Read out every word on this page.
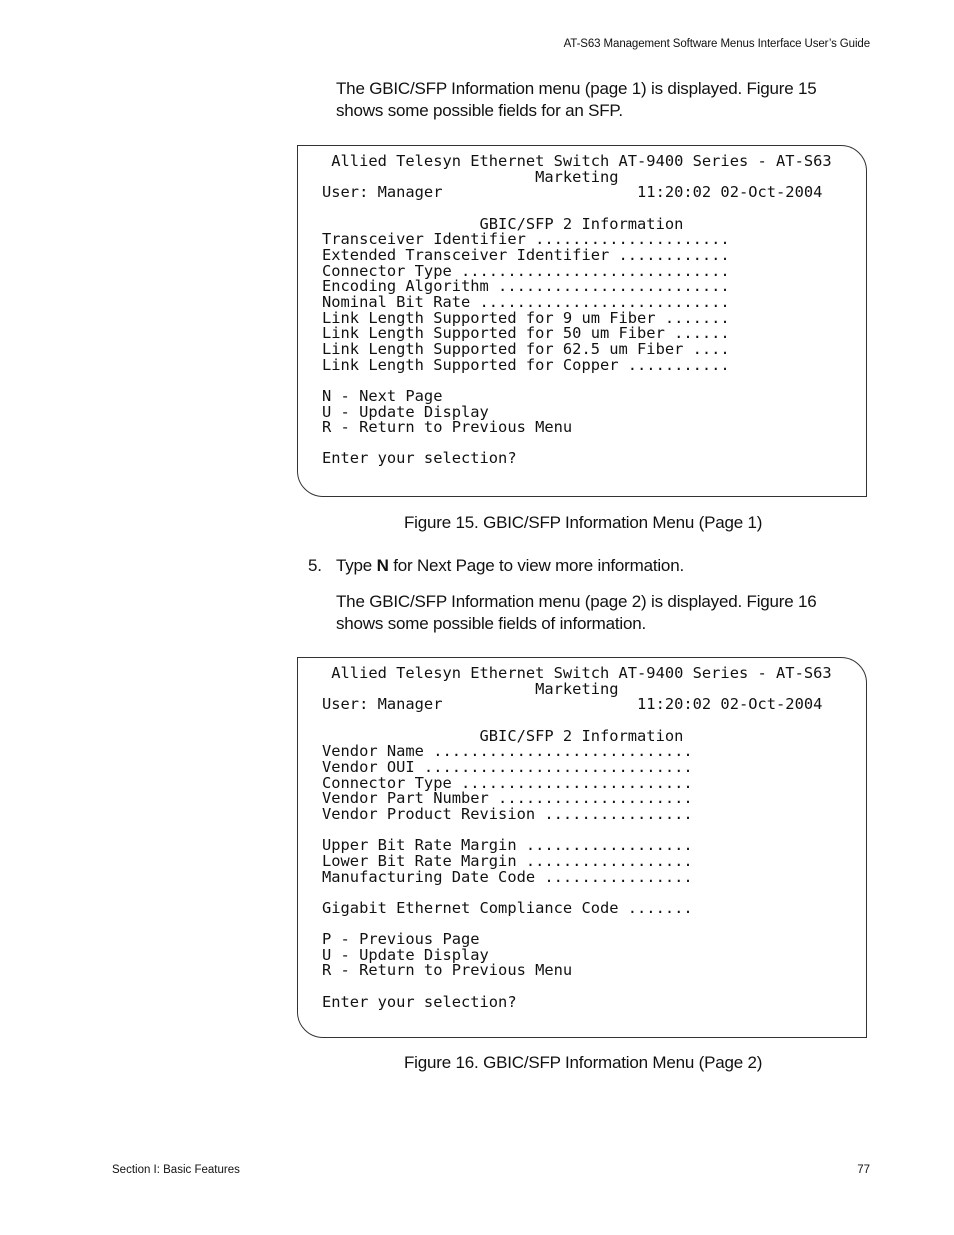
AT-S63 Management Software Menus Interface User’s Guide
The GBIC/SFP Information menu (page 1) is displayed. Figure 15 shows some possible fields for an SFP.
Allied Telesyn Ethernet Switch AT-9400 Series - AT-S63
Marketing
User: Manager                     11:20:02 02-Oct-2004

GBIC/SFP 2 Information
Transceiver Identifier .....................
Extended Transceiver Identifier ............
Connector Type .............................
Encoding Algorithm .........................
Nominal Bit Rate ...........................
Link Length Supported for 9 um Fiber .......
Link Length Supported for 50 um Fiber ......
Link Length Supported for 62.5 um Fiber ....
Link Length Supported for Copper ...........

N - Next Page
U - Update Display
R - Return to Previous Menu

Enter your selection?
Figure 15. GBIC/SFP Information Menu (Page 1)
5. Type N for Next Page to view more information.
The GBIC/SFP Information menu (page 2) is displayed. Figure 16 shows some possible fields of information.
Allied Telesyn Ethernet Switch AT-9400 Series - AT-S63
Marketing
User: Manager                     11:20:02 02-Oct-2004

GBIC/SFP 2 Information
Vendor Name ............................
Vendor OUI .............................
Connector Type .........................
Vendor Part Number .....................
Vendor Product Revision ................

Upper Bit Rate Margin ..................
Lower Bit Rate Margin ..................
Manufacturing Date Code ................

Gigabit Ethernet Compliance Code .......

P - Previous Page
U - Update Display
R - Return to Previous Menu

Enter your selection?
Figure 16. GBIC/SFP Information Menu (Page 2)
Section I: Basic Features	77
